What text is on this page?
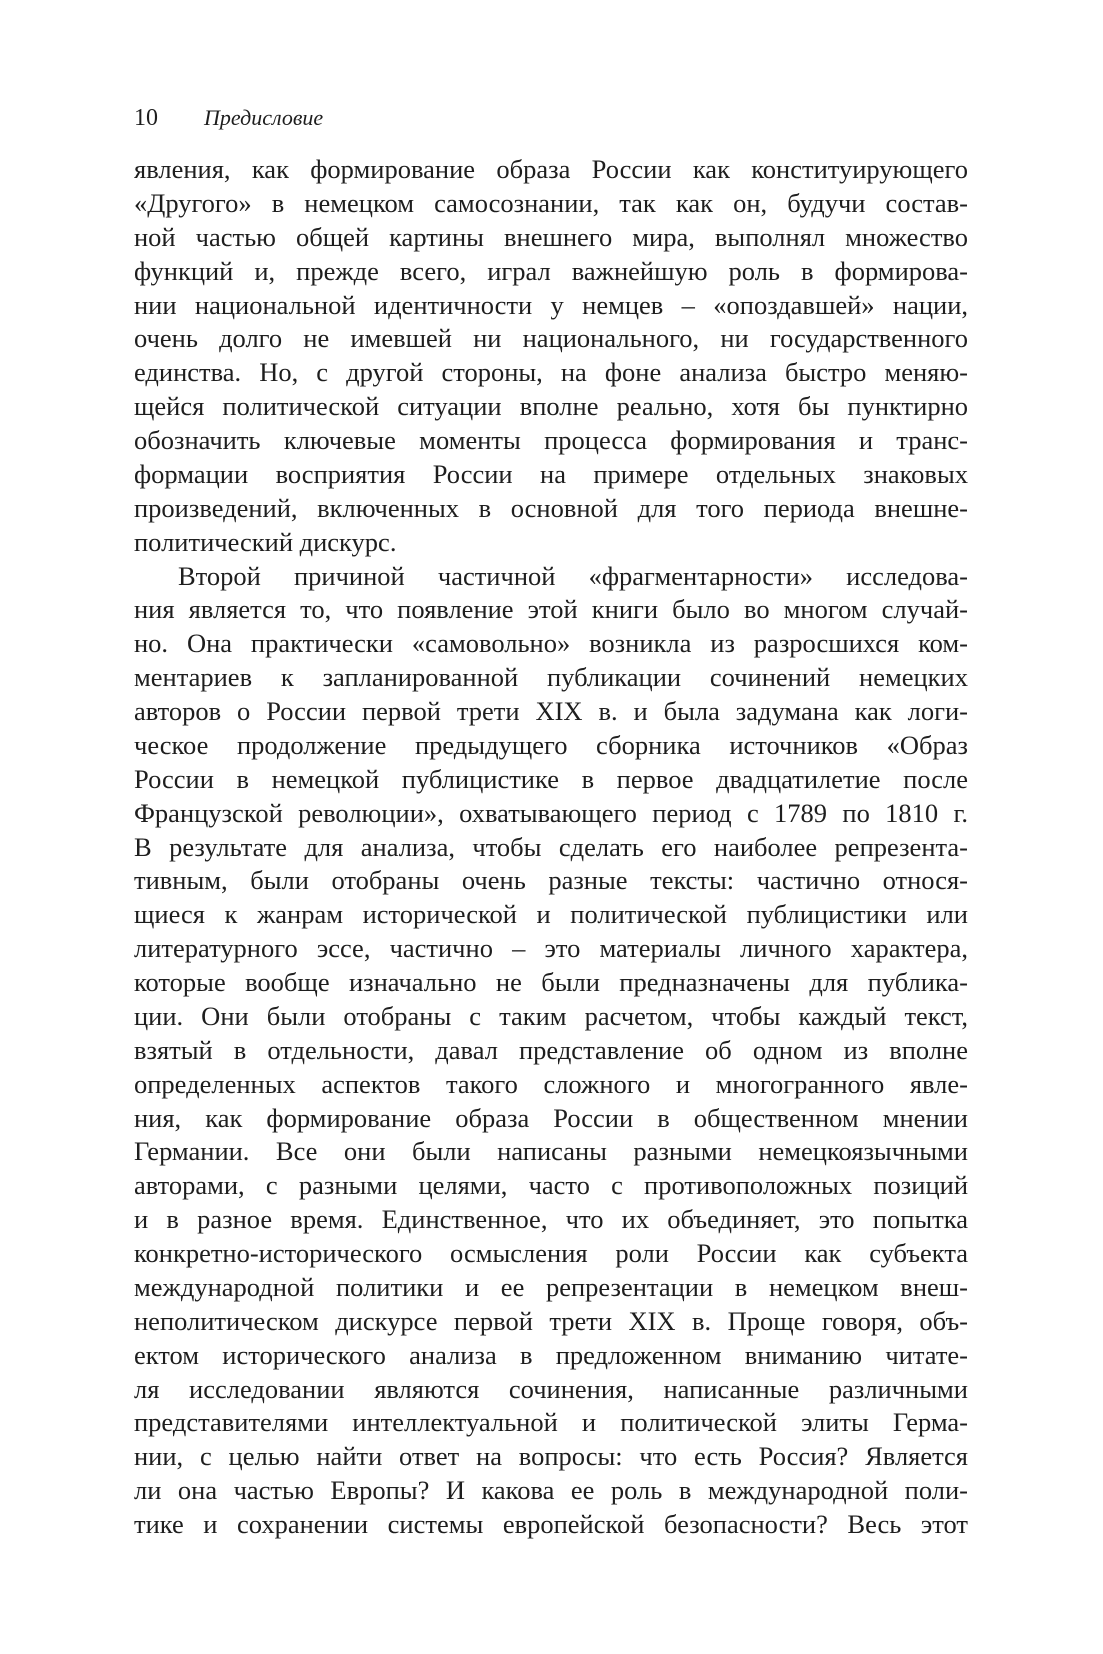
10 Предисловие
явления, как формирование образа России как конституирующего
«Другого» в немецком самосознании, так как он, будучи состав-
ной частью общей картины внешнего мира, выполнял множество
функций и, прежде всего, играл важнейшую роль в формирова-
нии национальной идентичности у немцев – «опоздавшей» нации,
очень долго не имевшей ни национального, ни государственного
единства. Но, с другой стороны, на фоне анализа быстро меняю-
щейся политической ситуации вполне реально, хотя бы пунктирно
обозначить ключевые моменты процесса формирования и транс-
формации восприятия России на примере отдельных знаковых
произведений, включенных в основной для того периода внешне-
политический дискурс.
Второй причиной частичной «фрагментарности» исследова-
ния является то, что появление этой книги было во многом случай-
но. Она практически «самовольно» возникла из разросшихся ком-
ментариев к запланированной публикации сочинений немецких
авторов о России первой трети XIX в. и была задумана как логи-
ческое продолжение предыдущего сборника источников «Образ
России в немецкой публицистике в первое двадцатилетие после
Французской революции», охватывающего период с 1789 по 1810 г.
В результате для анализа, чтобы сделать его наиболее репрезента-
тивным, были отобраны очень разные тексты: частично относя-
щиеся к жанрам исторической и политической публицистики или
литературного эссе, частично – это материалы личного характера,
которые вообще изначально не были предназначены для публика-
ции. Они были отобраны с таким расчетом, чтобы каждый текст,
взятый в отдельности, давал представление об одном из вполне
определенных аспектов такого сложного и многогранного явле-
ния, как формирование образа России в общественном мнении
Германии. Все они были написаны разными немецкоязычными
авторами, с разными целями, часто с противоположных позиций
и в разное время. Единственное, что их объединяет, это попытка
конкретно-исторического осмысления роли России как субъекта
международной политики и ее репрезентации в немецком внеш-
неполитическом дискурсе первой трети XIX в. Проще говоря, объ-
ектом исторического анализа в предложенном вниманию читате-
ля исследовании являются сочинения, написанные различными
представителями интеллектуальной и политической элиты Герма-
нии, с целью найти ответ на вопросы: что есть Россия? Является
ли она частью Европы? И какова ее роль в международной поли-
тике и сохранении системы европейской безопасности? Весь этот
